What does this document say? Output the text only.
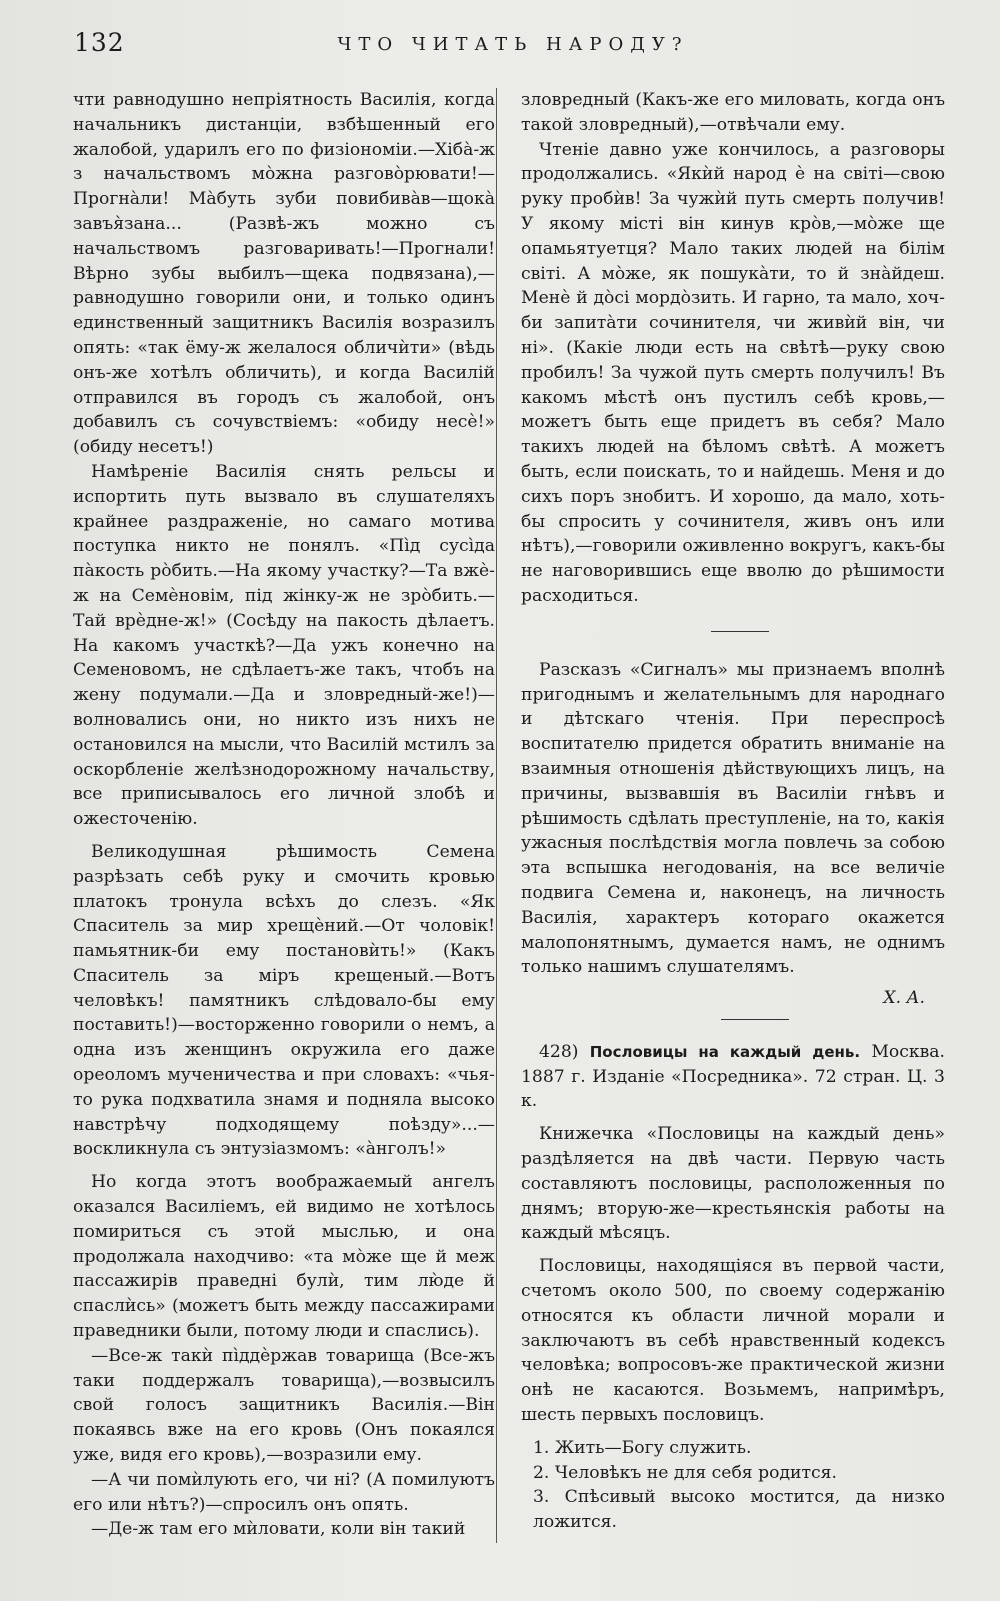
132	ЧТО ЧИТАТЬ НАРОДУ?

чти равнодушно непріятность Василія, когда начальникъ дистанціи, взбѣшенный его жалобой, ударилъ его по физіономіи.—Хіба̀-ж з начальствомъ мо̀жна разгово̀рювати!—Прогна̀ли! Ма̀буть зуби повибива̀в—щока̀ завъя̀зана... (Развѣ-жъ можно съ начальствомъ разговаривать!—Прогнали! Вѣрно зубы выбилъ—щека подвязана),—равнодушно говорили они, и только одинъ единственный защитникъ Василія возразилъ опять: «так ёму-ж желалося обличѝти» (вѣдь онъ-же хотѣлъ обличить), и когда Василій отправился въ городъ съ жалобой, онъ добавилъ съ сочувствіемъ: «обиду несѐ!» (обиду несетъ!)

Намѣреніе Василія снять рельсы и испортить путь вызвало въ слушателяхъ крайнее раздраженіе, но самаго мотива поступка никто не понялъ. «Пі̀д сусі̀да па̀кость ро̀бить.—На якому участку?—Та вжѐ-ж на Семѐновім, під жінку-ж не зро̀бить.—Тай врѐдне-ж!» (Сосѣду на пакость дѣлаетъ. На какомъ участкѣ?—Да ужъ конечно на Семеновомъ, не сдѣлаетъ-же такъ, чтобъ на жену подумали.—Да и зловредный-же!)—волновались они, но никто изъ нихъ не остановился на мысли, что Василій мстилъ за оскорбленіе желѣзнодорожному начальству, все приписывалось его личной злобѣ и ожесточенію.

Великодушная рѣшимость Семена разрѣзать себѣ руку и смочить кровью платокъ тронула всѣхъ до слезъ. «Як Спаситель за мир хрещѐний.—От чоловік! памьятник-би ему постановѝть!» (Какъ Спаситель за міръ крещеный.—Вотъ человѣкъ! памятникъ слѣдовало-бы ему поставить!)—восторженно говорили о немъ, а одна изъ женщинъ окружила его даже ореоломъ мученичества и при словахъ: «чья-то рука подхватила знамя и подняла высоко навстрѣчу подходящему поѣзду»...—воскликнула съ энтузіазмомъ: «а̀нголъ!»

Но когда этотъ воображаемый ангелъ оказался Василіемъ, ей видимо не хотѣлось помириться съ этой мыслью, и она продолжала находчиво: «та мо̀же ще й меж пассажирів праведні булѝ, тим лю̀де й спаслѝсь» (можетъ быть между пассажирами праведники были, потому люди и спаслись).

—Все-ж такѝ пі̀ддѐржав товарища (Все-жъ таки поддержалъ товарища),—возвысилъ свой голосъ защитникъ Василія.—Він покаявсь вже на его кровь (Онъ покаялся уже, видя его кровь),—возразили ему.

—А чи помѝлують его, чи ні? (А помилуютъ его или нѣтъ?)—спросилъ онъ опять.

—Де-ж там его мѝловати, коли він такий

зловредный (Какъ-же его миловать, когда онъ такой зловредный),—отвѣчали ему.

Чтеніе давно уже кончилось, а разговоры продолжались. «Якѝй народ ѐ на світі—свою руку пробѝв! За чужѝй путь смерть получив! У якому місті він кинув кро̀в,—мо̀же ще опамьятуетця? Мало таких людей на білім світі. А мо̀же, як пошука̀ти, то й зна̀йдеш. Менѐ й до̀сі мордо̀зить. И гарно, та мало, хоч-би запита̀ти сочинителя, чи живѝй він, чи ні». (Какіе люди есть на свѣтѣ—руку свою пробилъ! За чужой путь смерть получилъ! Въ какомъ мѣстѣ онъ пустилъ себѣ кровь,—можетъ быть еще придетъ въ себя? Мало такихъ людей на бѣломъ свѣтѣ. А можетъ быть, если поискать, то и найдешь. Меня и до сихъ поръ знобитъ. И хорошо, да мало, хоть-бы спросить у сочинителя, живъ онъ или нѣтъ),—говорили оживленно вокругъ, какъ-бы не наговорившись еще вволю до рѣшимости расходиться.

Разсказъ «Сигналъ» мы признаемъ вполнѣ пригоднымъ и желательнымъ для народнаго и дѣтскаго чтенія. При переспросѣ воспитателю придется обратить вниманіе на взаимныя отношенія дѣйствующихъ лицъ, на причины, вызвавшія въ Василіи гнѣвъ и рѣшимость сдѣлать преступленіе, на то, какія ужасныя послѣдствія могла повлечь за собою эта вспышка негодованія, на все величіе подвига Семена и, наконецъ, на личность Василія, характеръ котораго окажется малопонятнымъ, думается намъ, не однимъ только нашимъ слушателямъ.

Х. А.

428) Пословицы на каждый день. Москва. 1887 г. Изданіе «Посредника». 72 стран. Ц. 3 к.

Книжечка «Пословицы на каждый день» раздѣляется на двѣ части. Первую часть составляютъ пословицы, расположенныя по днямъ; вторую-же—крестьянскія работы на каждый мѣсяцъ.

Пословицы, находящіяся въ первой части, счетомъ около 500, по своему содержанію относятся къ области личной морали и заключаютъ въ себѣ нравственный кодексъ человѣка; вопросовъ-же практической жизни онѣ не касаются. Возьмемъ, напримѣръ, шесть первыхъ пословицъ.

1. Жить—Богу служить.

2. Человѣкъ не для себя родится.

3. Спѣсивый высоко мостится, да низко ложится.
